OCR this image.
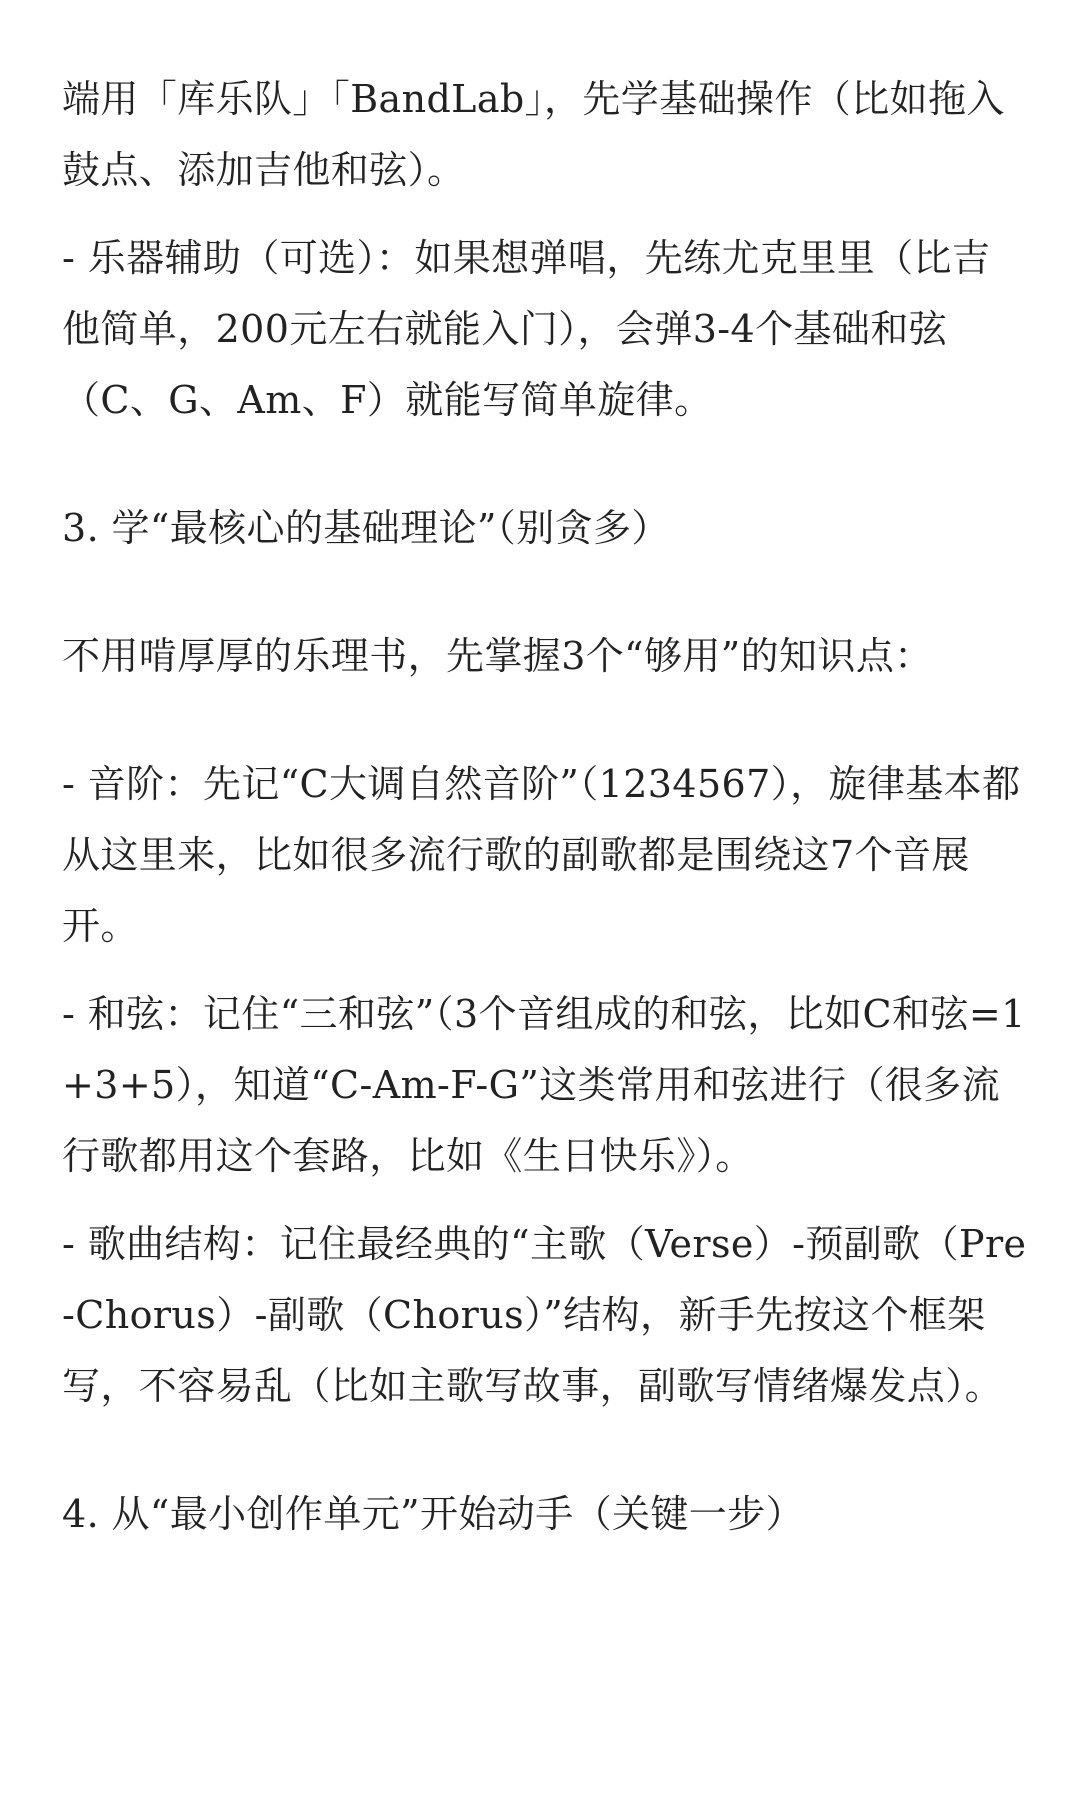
端用「库乐队」「BandLab」，先学基础操作（比如拖入鼓点、添加吉他和弦）。

- 乐器辅助（可选）：如果想弹唱，先练尤克里里（比吉他简单，200元左右就能入门），会弹3-4个基础和弦（C、G、Am、F）就能写简单旋律。

3. 学“最核心的基础理论”（别贪多）

不用啃厚厚的乐理书，先掌握3个“够用”的知识点：

- 音阶：先记“C大调自然音阶”（1234567），旋律基本都从这里来，比如很多流行歌的副歌都是围绕这7个音展开。

- 和弦：记住“三和弦”（3个音组成的和弦，比如C和弦=1+3+5），知道“C-Am-F-G”这类常用和弦进行（很多流行歌都用这个套路，比如《生日快乐》）。

- 歌曲结构：记住最经典的“主歌（Verse）-预副歌（Pre-Chorus）-副歌（Chorus）”结构，新手先按这个框架写，不容易乱（比如主歌写故事，副歌写情绪爆发点）。

4. 从“最小创作单元”开始动手（关键一步）
